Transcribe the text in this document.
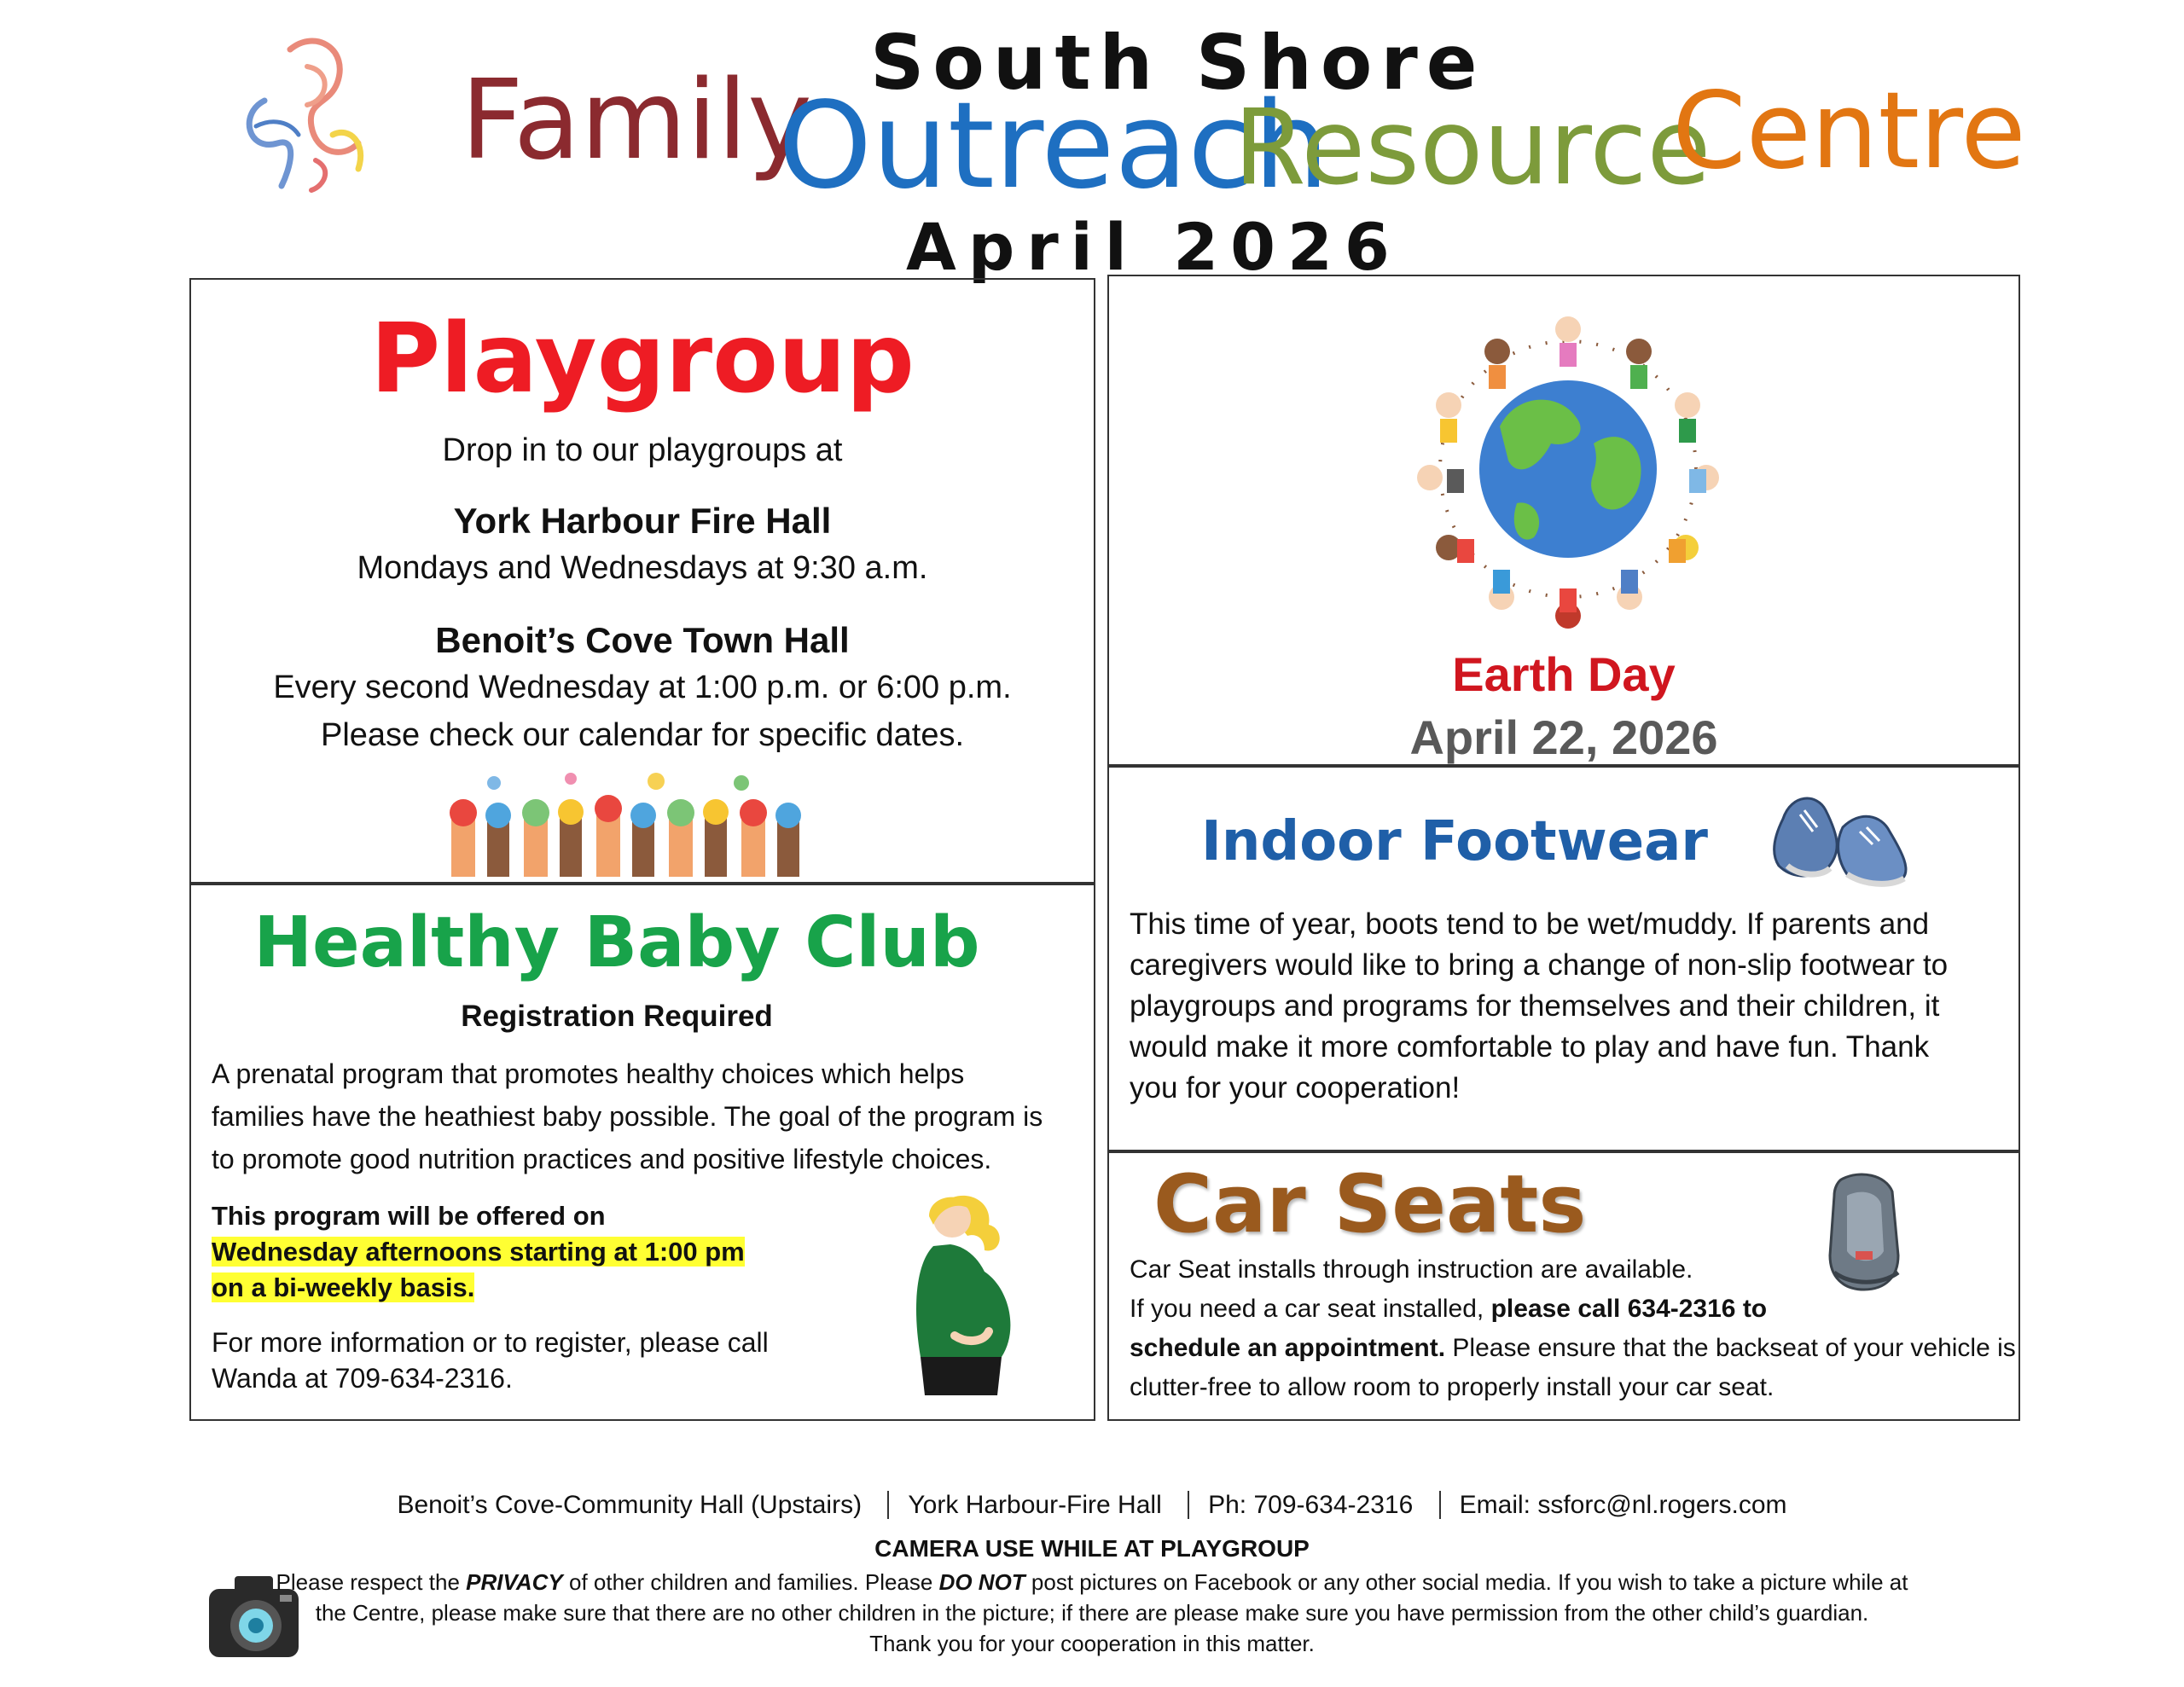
South Shore
Family
Outreach
Resource
Centre
April 2026
Playgroup
Drop in to our playgroups at
York Harbour Fire Hall
Mondays and Wednesdays at 9:30 a.m.
Benoit’s Cove Town Hall
Every second Wednesday at 1:00 p.m. or 6:00 p.m.
Please check our calendar for specific dates.
Healthy Baby Club
Registration Required
A prenatal program that promotes healthy choices which helps
families have the heathiest baby possible. The goal of the program is
to promote good nutrition practices and positive lifestyle choices.
This program will be offered on
Wednesday afternoons starting at 1:00 pm
on a bi-weekly basis.
For more information or to register, please call
Wanda at 709-634-2316.
Earth Day
April 22, 2026
Indoor Footwear
This time of year, boots tend to be wet/muddy. If parents and
caregivers would like to bring a change of non-slip footwear to
playgroups and programs for themselves and their children, it
would make it more comfortable to play and have fun. Thank
you for your cooperation!
Car Seats
Car Seat installs through instruction are available.
If you need a car seat installed, please call 634-2316 to
schedule an appointment. Please ensure that the backseat of your vehicle is
clutter-free to allow room to properly install your car seat.
Benoit’s Cove-Community Hall (Upstairs) York Harbour-Fire Hall Ph: 709-634-2316 Email: ssforc@nl.rogers.com
CAMERA USE WHILE AT PLAYGROUP
Please respect the PRIVACY of other children and families. Please DO NOT post pictures on Facebook or any other social media. If you wish to take a picture while at
the Centre, please make sure that there are no other children in the picture; if there are please make sure you have permission from the other child’s guardian.
Thank you for your cooperation in this matter.
